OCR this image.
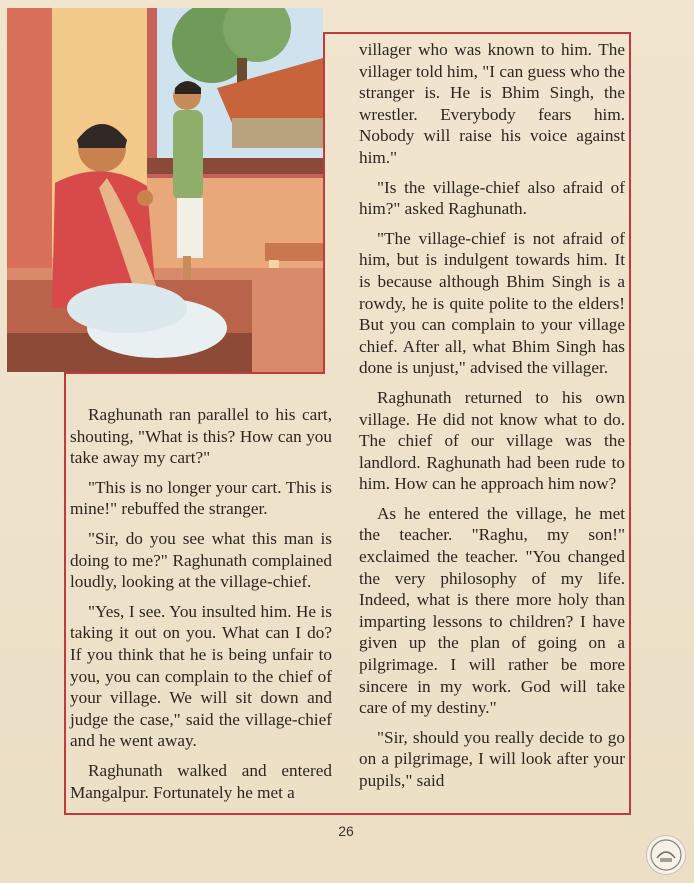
villager who was known to him. The villager told him, "I can guess who the stranger is. He is Bhim Singh, the wrestler. Everybody fears him. Nobody will raise his voice against him."

"Is the village-chief also afraid of him?" asked Raghunath.

"The village-chief is not afraid of him, but is indulgent towards him. It is because although Bhim Singh is a rowdy, he is quite polite to the elders! But you can complain to your village chief. After all, what Bhim Singh has done is unjust," advised the villager.

Raghunath returned to his own village. He did not know what to do. The chief of our village was the landlord. Raghunath had been rude to him. How can he approach him now?

As he entered the village, he met the teacher. "Raghu, my son!" exclaimed the teacher. "You changed the very philosophy of my life. Indeed, what is there more holy than imparting lessons to children? I have given up the plan of going on a pilgrimage. I will rather be more sincere in my work. God will take care of my destiny."

"Sir, should you really decide to go on a pilgrimage, I will look after your pupils," said

Raghunath ran parallel to his cart, shouting, "What is this? How can you take away my cart?"

"This is no longer your cart. This is mine!" rebuffed the stranger.

"Sir, do you see what this man is doing to me?" Raghunath complained loudly, looking at the village-chief.

"Yes, I see. You insulted him. He is taking it out on you. What can I do? If you think that he is being unfair to you, you can complain to the chief of your village. We will sit down and judge the case," said the village-chief and he went away.

Raghunath walked and entered Mangalpur. Fortunately he met a

26
